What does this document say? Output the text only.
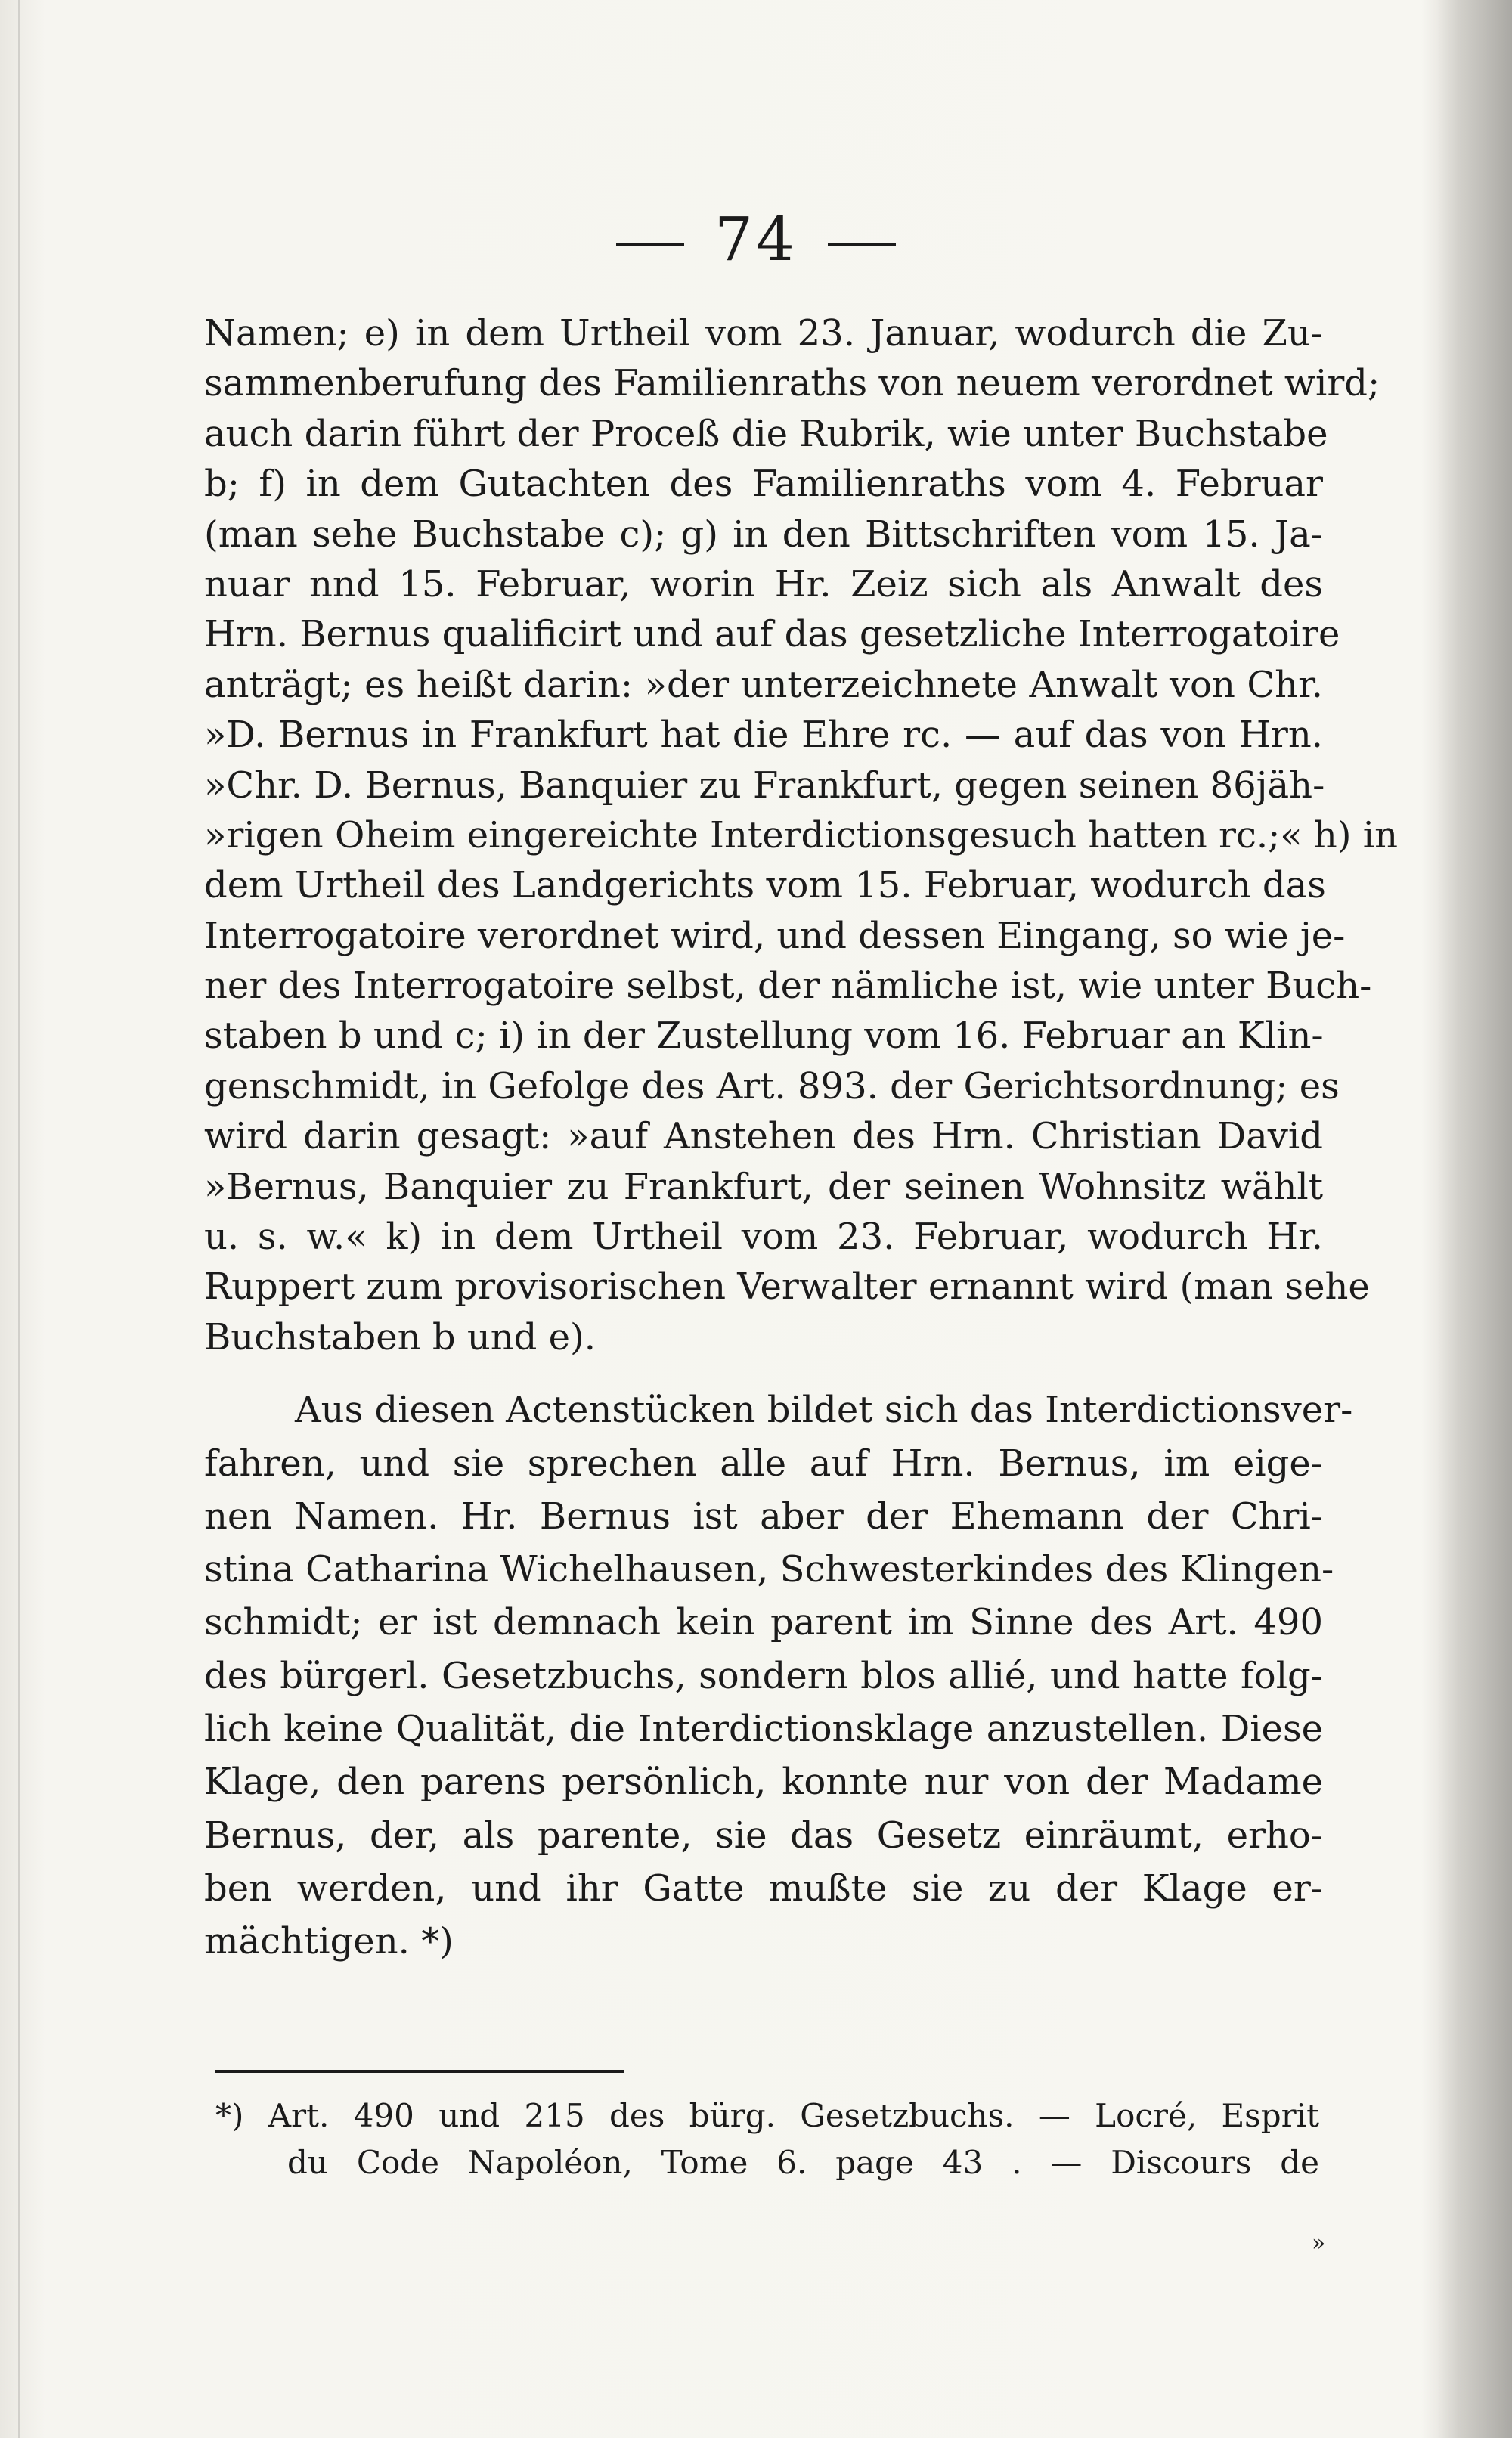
74
Namen; e) in dem Urtheil vom 23. Januar, wodurch die Zu-
sammenberufung des Familienraths von neuem verordnet wird;
auch darin führt der Proceß die Rubrik, wie unter Buchstabe
b; f) in dem Gutachten des Familienraths vom 4. Februar
(man sehe Buchstabe c); g) in den Bittschriften vom 15. Ja-
nuar nnd 15. Februar, worin Hr. Zeiz sich als Anwalt des
Hrn. Bernus qualificirt und auf das gesetzliche Interrogatoire
anträgt; es heißt darin: »der unterzeichnete Anwalt von Chr.
»D. Bernus in Frankfurt hat die Ehre rc. — auf das von Hrn.
»Chr. D. Bernus, Banquier zu Frankfurt, gegen seinen 86jäh-
»rigen Oheim eingereichte Interdictionsgesuch hatten rc.;« h) in
dem Urtheil des Landgerichts vom 15. Februar, wodurch das
Interrogatoire verordnet wird, und dessen Eingang, so wie je-
ner des Interrogatoire selbst, der nämliche ist, wie unter Buch-
staben b und c; i) in der Zustellung vom 16. Februar an Klin-
genschmidt, in Gefolge des Art. 893. der Gerichtsordnung; es
wird darin gesagt: »auf Anstehen des Hrn. Christian David
»Bernus, Banquier zu Frankfurt, der seinen Wohnsitz wählt
u. s. w.« k) in dem Urtheil vom 23. Februar, wodurch Hr.
Ruppert zum provisorischen Verwalter ernannt wird (man sehe
Buchstaben b und e).
Aus diesen Actenstücken bildet sich das Interdictionsver-
fahren, und sie sprechen alle auf Hrn. Bernus, im eige-
nen Namen. Hr. Bernus ist aber der Ehemann der Chri-
stina Catharina Wichelhausen, Schwesterkindes des Klingen-
schmidt; er ist demnach kein parent im Sinne des Art. 490
des bürgerl. Gesetzbuchs, sondern blos allié, und hatte folg-
lich keine Qualität, die Interdictionsklage anzustellen. Diese
Klage, den parens persönlich, konnte nur von der Madame
Bernus, der, als parente, sie das Gesetz einräumt, erho-
ben werden, und ihr Gatte mußte sie zu der Klage er-
mächtigen. *)
*) Art. 490 und 215 des bürg. Gesetzbuchs. — Locré, Esprit
du Code Napoléon, Tome 6. page 43 . — Discours de
»
